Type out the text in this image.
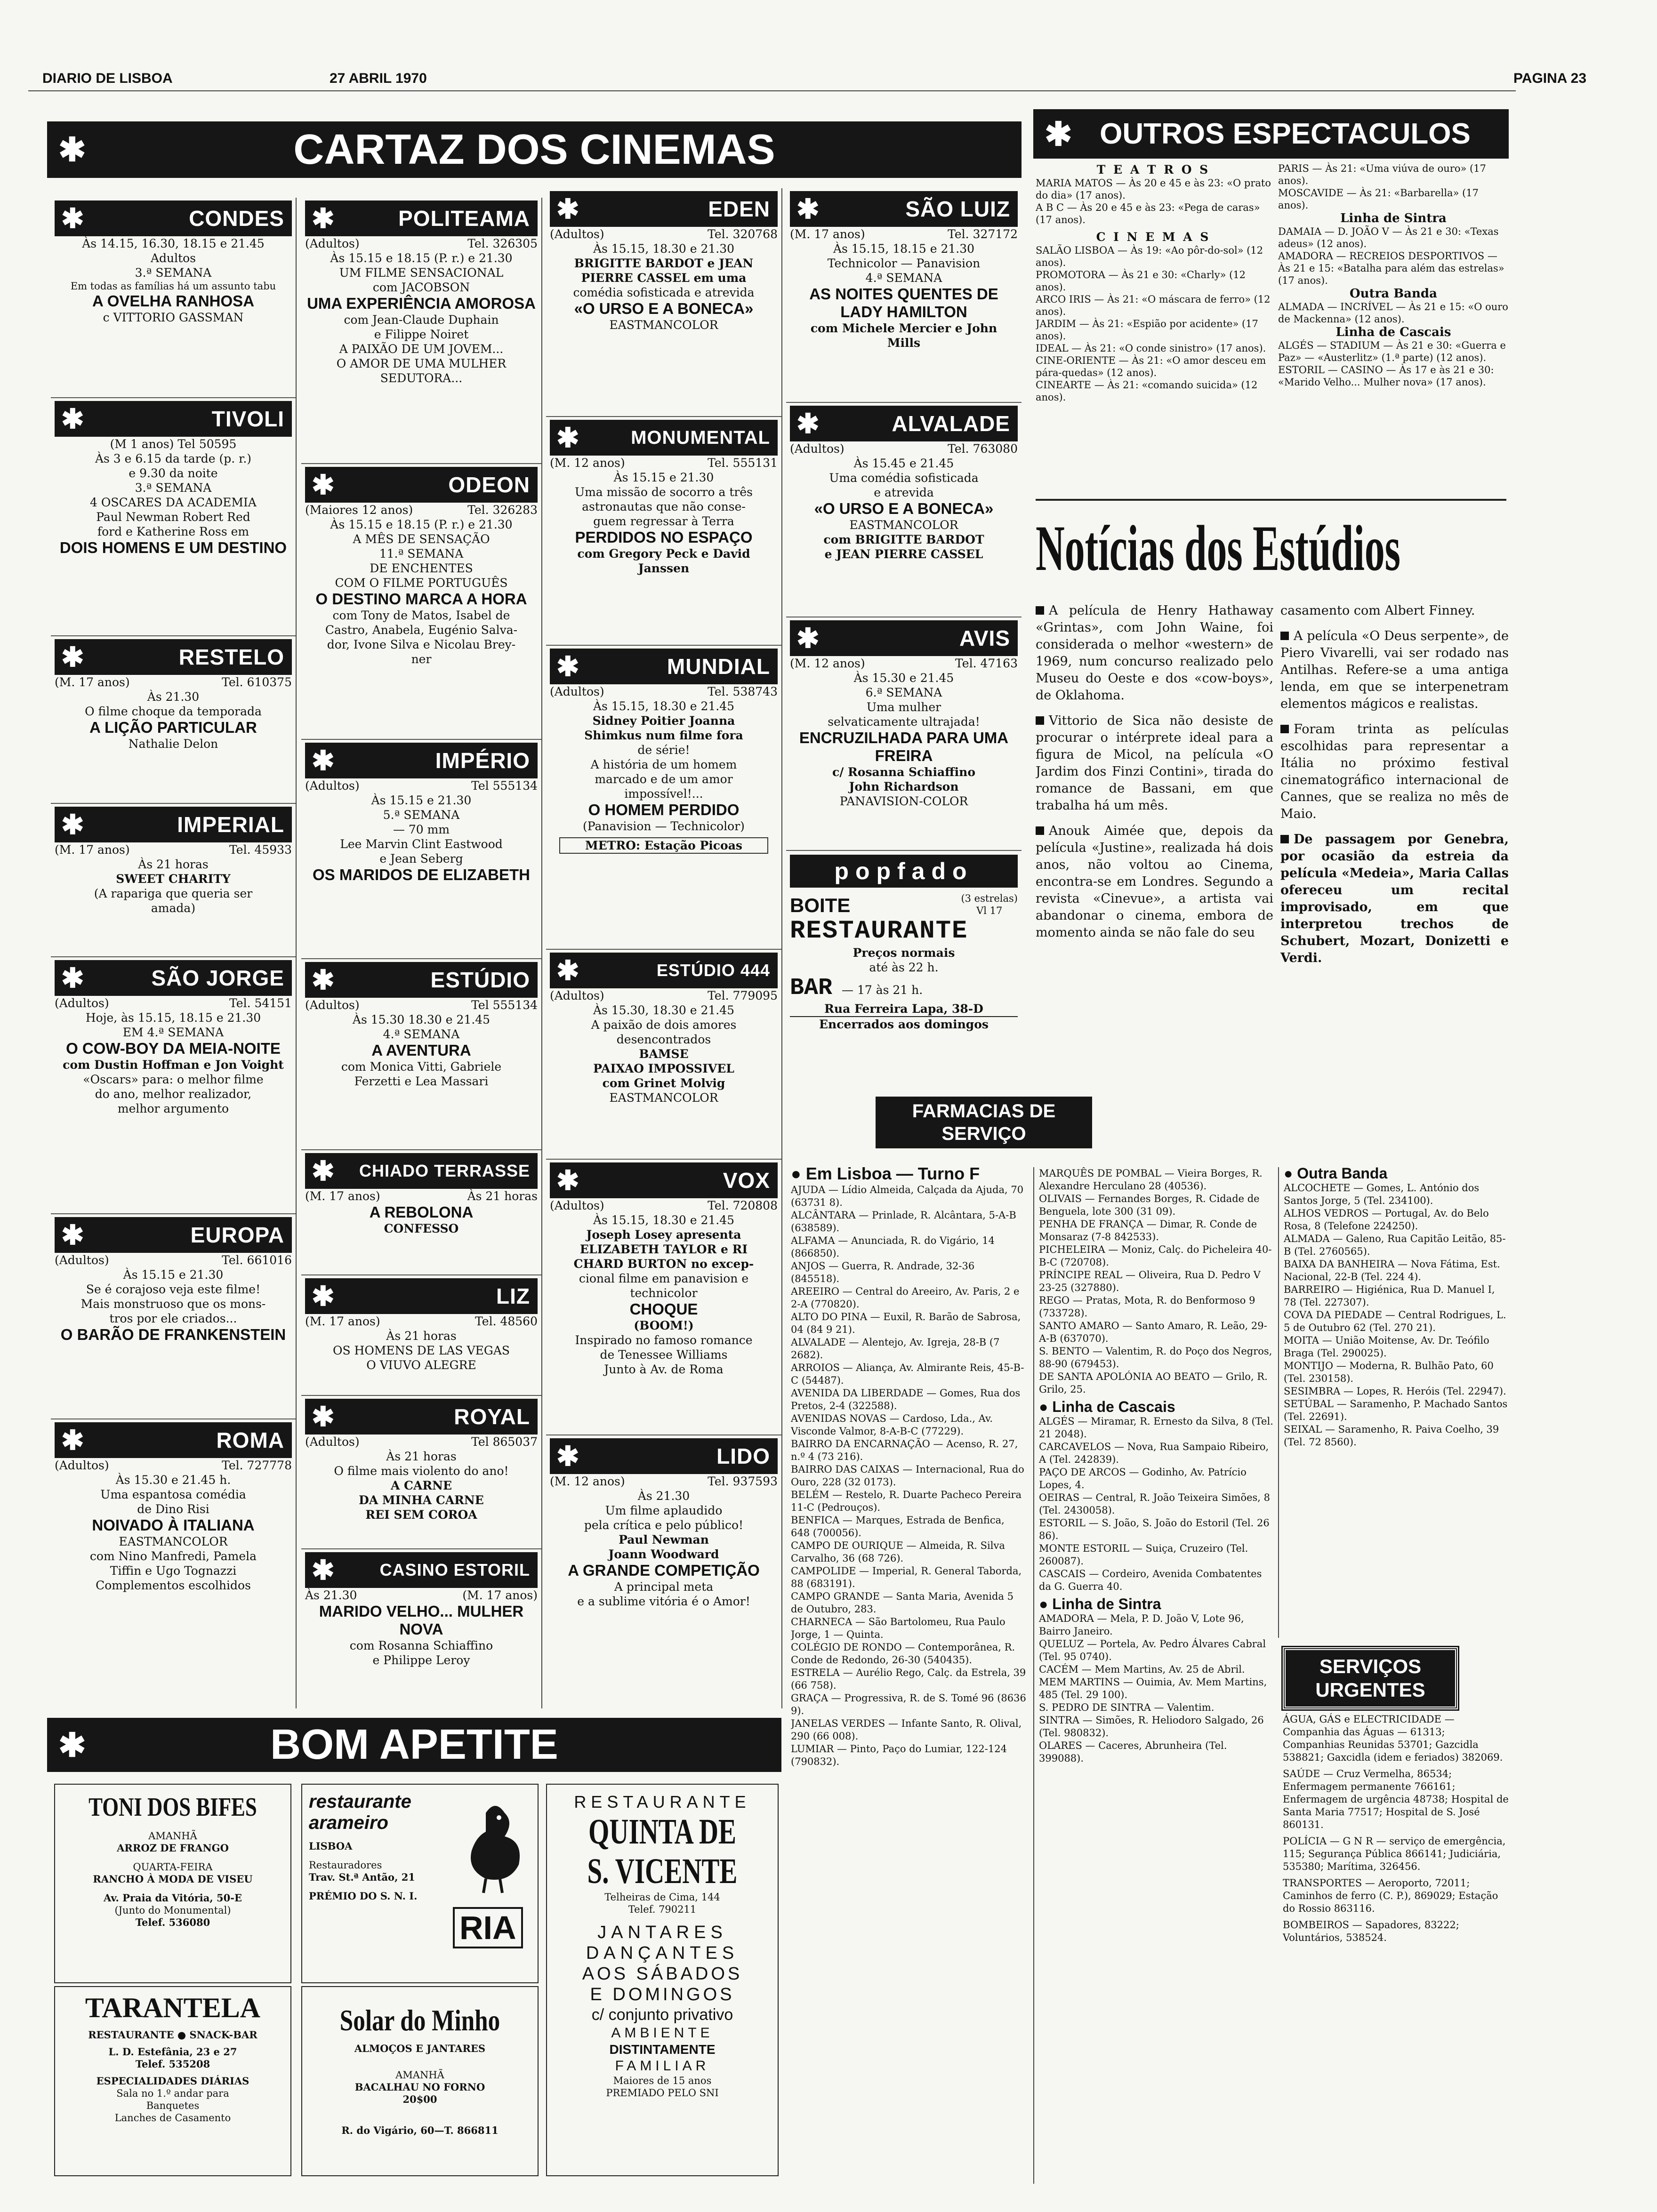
DIARIO DE LISBOA	27 ABRIL 1970	PAGINA 23
✱	CARTAZ DOS CINEMAS	✱ OUTROS ESPECTACULOS
✱	CONDES
Às 14.15, 16.30, 18.15 e 21.45
Adultos
3.ª SEMANA
Em todas as famílias há um assunto tabu
A OVELHA RANHOSA
c VITTORIO GASSMAN
✱	TIVOLI
(M 1 anos) Tel 50595
Às 3 e 6.15 da tarde (p. r.)
e 9.30 da noite
3.ª SEMANA
4 OSCARES DA ACADEMIA
Paul Newman Robert Red
ford e Katherine Ross em
DOIS HOMENS E UM DESTINO
✱	RESTELO
(M. 17 anos)	Tel. 610375
Às 21.30
O filme choque da temporada
A LIÇÃO PARTICULAR
Nathalie Delon
✱	IMPERIAL
(M. 17 anos)	Tel. 45933
Às 21 horas
SWEET CHARITY
(A rapariga que queria ser
amada)
✱	SÃO JORGE
(Adultos)	Tel. 54151
Hoje, às 15.15, 18.15 e 21.30
EM 4.ª SEMANA
O COW-BOY DA MEIA-NOITE
com Dustin Hoffman e Jon Voight
«Oscars» para: o melhor filme
do ano, melhor realizador,
melhor argumento
✱	EUROPA
(Adultos)	Tel. 661016
Às 15.15 e 21.30
Se é corajoso veja este filme!
Mais monstruoso que os mons-
tros por ele criados...
O BARÃO DE FRANKENSTEIN
✱	ROMA
(Adultos)	Tel. 727778
Às 15.30 e 21.45 h.
Uma espantosa comédia
de Dino Risi
NOIVADO À ITALIANA
EASTMANCOLOR
com Nino Manfredi, Pamela
Tiffin e Ugo Tognazzi
Complementos escolhidos
✱	POLITEAMA
(Adultos)	Tel. 326305
Às 15.15 e 18.15 (P. r.) e 21.30
UM FILME SENSACIONAL
com JACOBSON
UMA EXPERIÊNCIA AMOROSA
com Jean-Claude Duphain
e Filippe Noiret
A PAIXÃO DE UM JOVEM...
O AMOR DE UMA MULHER
SEDUTORA...
✱	ODEON
(Maiores 12 anos)	Tel. 326283
Às 15.15 e 18.15 (P. r.) e 21.30
A MÊS DE SENSAÇÃO
11.ª SEMANA
DE ENCHENTES
COM O FILME PORTUGUÊS
O DESTINO MARCA A HORA
com Tony de Matos, Isabel de
Castro, Anabela, Eugénio Salva-
dor, Ivone Silva e Nicolau Brey-
ner
✱	IMPÉRIO
(Adultos)	Tel 555134
Às 15.15 e 21.30
5.ª SEMANA
— 70 mm
Lee Marvin Clint Eastwood
e Jean Seberg
OS MARIDOS DE ELIZABETH
✱	ESTÚDIO
(Adultos)	Tel 555134
Às 15.30 18.30 e 21.45
4.ª SEMANA
A AVENTURA
com Monica Vitti, Gabriele
Ferzetti e Lea Massari
✱ CHIADO TERRASSE
(M. 17 anos)	Às 21 horas
A REBOLONA
CONFESSO
✱	LIZ
(M. 17 anos)	Tel. 48560
Às 21 horas
OS HOMENS DE LAS VEGAS
O VIUVO ALEGRE
✱	ROYAL
(Adultos)	Tel 865037
Às 21 horas
O filme mais violento do ano!
A CARNE
DA MINHA CARNE
REI SEM COROA
✱	CASINO ESTORIL
Às 21.30	(M. 17 anos)
MARIDO VELHO... MULHER NOVA
com Rosanna Schiaffino
e Philippe Leroy
✱	EDEN
(Adultos)	Tel. 320768
Às 15.15, 18.30 e 21.30
BRIGITTE BARDOT e JEAN
PIERRE CASSEL em uma
comédia sofisticada e atrevida
«O URSO E A BONECA»
EASTMANCOLOR
✱	MONUMENTAL
(M. 12 anos)	Tel. 555131
Às 15.15 e 21.30
Uma missão de socorro a três
astronautas que não conse-
guem regressar à Terra
PERDIDOS NO ESPAÇO
com Gregory Peck e David
Janssen
✱	MUNDIAL
(Adultos)	Tel. 538743
Às 15.15, 18.30 e 21.45
Sidney Poitier Joanna
Shimkus num filme fora
de série!
A história de um homem
marcado e de um amor
impossível!...
O HOMEM PERDIDO
(Panavision — Technicolor)
METRO: Estação Picoas
✱	ESTÚDIO 444
(Adultos)	Tel. 779095
Às 15.30, 18.30 e 21.45
A paixão de dois amores
desencontrados
BAMSE
PAIXAO IMPOSSIVEL
com Grinet Molvig
EASTMANCOLOR
✱	VOX
(Adultos)	Tel. 720808
Às 15.15, 18.30 e 21.45
Joseph Losey apresenta
ELIZABETH TAYLOR e RI
CHARD BURTON no excep-
cional filme em panavision e
technicolor
CHOQUE
(BOOM!)
Inspirado no famoso romance
de Tenessee Williams
Junto à Av. de Roma
✱	LIDO
(M. 12 anos)	Tel. 937593
Às 21.30
Um filme aplaudido
pela crítica e pelo público!
Paul Newman
Joann Woodward
A GRANDE COMPETIÇÃO
A principal meta
e a sublime vitória é o Amor!
✱	SÃO LUIZ
(M. 17 anos)	Tel. 327172
Às 15.15, 18.15 e 21.30
Technicolor — Panavision
4.ª SEMANA
AS NOITES QUENTES DE LADY HAMILTON
com Michele Mercier e John
Mills
✱	ALVALADE
(Adultos)	Tel. 763080
Às 15.45 e 21.45
Uma comédia sofisticada
e atrevida
«O URSO E A BONECA»
EASTMANCOLOR
com BRIGITTE BARDOT
e JEAN PIERRE CASSEL
✱	AVIS
(M. 12 anos)	Tel. 47163
Às 15.30 e 21.45
6.ª SEMANA
Uma mulher
selvaticamente ultrajada!
ENCRUZILHADA PARA UMA FREIRA
c/ Rosanna Schiaffino
John Richardson
PANAVISION-COLOR
popfado
BOITE	(3 estrelas)
Vl 17
RESTAURANTE
Preços normais
até às 22 h.
BAR — 17 às 21 h.
Rua Ferreira Lapa, 38-D
Encerrados aos domingos
T E A T R O S
MARIA MATOS — Às 20 e 45 e às 23: «O prato do dia» (17 anos).
A B C — Às 20 e 45 e às 23: «Pega de caras» (17 anos).
C I N E M A S
SALÃO LISBOA — Às 19: «Ao pôr-do-sol» (12 anos).
PROMOTORA — Às 21 e 30: «Charly» (12 anos).
ARCO IRIS — Às 21: «O máscara de ferro» (12 anos).
JARDIM — Às 21: «Espião por acidente» (17 anos).
IDEAL — Às 21: «O conde sinistro» (17 anos).
CINE-ORIENTE — Às 21: «O amor desceu em pára-quedas» (12 anos).
CINEARTE — Às 21: «comando suicida» (12 anos).
PARIS — Às 21: «Uma viúva de ouro» (17 anos).
MOSCAVIDE — Às 21: «Barbarella» (17 anos).
Linha de Sintra
DAMAIA — D. JOÃO V — Às 21 e 30: «Texas adeus» (12 anos).
AMADORA — RECREIOS DESPORTIVOS — Às 21 e 15: «Batalha para além das estrelas» (17 anos).
Outra Banda
ALMADA — INCRÍVEL — Às 21 e 15: «O ouro de Mackenna» (12 anos).
Linha de Cascais
ALGÉS — STADIUM — Às 21 e 30: «Guerra e Paz» — «Austerlitz» (1.ª parte) (12 anos).
ESTORIL — CASINO — Às 17 e às 21 e 30: «Marido Velho... Mulher nova» (17 anos).
Notícias dos Estúdios

A película de Henry Hathaway «Grintas», com John Waine, foi considerada o melhor «western» de 1969, num concurso realizado pelo Museu do Oeste e dos «cow-boys», de Oklahoma.

Vittorio de Sica não desiste de procurar o intérprete ideal para a figura de Micol, na película «O Jardim dos Finzi Contini», tirada do romance de Bassani, em que trabalha há um mês.

Anouk Aimée que, depois da película «Justine», realizada há dois anos, não voltou ao Cinema, encontra-se em Londres. Segundo a revista «Cinevue», a artista vai abandonar o cinema, embora de momento ainda se não fale do seu

casamento com Albert Finney.

A película «O Deus serpente», de Piero Vivarelli, vai ser rodado nas Antilhas. Refere-se a uma antiga lenda, em que se interpenetram elementos mágicos e realistas.

Foram trinta as películas escolhidas para representar a Itália no próximo festival cinematográfico internacional de Cannes, que se realiza no mês de Maio.

De passagem por Genebra, por ocasião da estreia da película «Medeia», Maria Callas ofereceu um recital improvisado, em que interpretou trechos de Schubert, Mozart, Donizetti e Verdi.

FARMACIAS DE SERVIÇO
● Em Lisboa — Turno F
AJUDA — Lídio Almeida, Calçada da Ajuda, 70 (63731 8).
ALCÂNTARA — Prinlade, R. Alcântara, 5-A-B (638589).
ALFAMA — Anunciada, R. do Vigário, 14 (866850).
ANJOS — Guerra, R. Andrade, 32-36 (845518).
AREEIRO — Central do Areeiro, Av. Paris, 2 e 2-A (770820).
ALTO DO PINA — Euxil, R. Barão de Sabrosa, 04 (84 9 21).
ALVALADE — Alentejo, Av. Igreja, 28-B (7 2682).
ARROIOS — Aliança, Av. Almirante Reis, 45-B-C (54487).
AVENIDA DA LIBERDADE — Gomes, Rua dos Pretos, 2-4 (322588).
AVENIDAS NOVAS — Cardoso, Lda., Av. Visconde Valmor, 8-A-B-C (77229).
BAIRRO DA ENCARNAÇÃO — Acenso, R. 27, n.º 4 (73 216).
BAIRRO DAS CAIXAS — Internacional, Rua do Ouro, 228 (32 0173).
BELÉM — Restelo, R. Duarte Pacheco Pereira 11-C (Pedrouços).
BENFICA — Marques, Estrada de Benfica, 648 (700056).
CAMPO DE OURIQUE — Almeida, R. Silva Carvalho, 36 (68 726).
CAMPOLIDE — Imperial, R. General Taborda, 88 (683191).
CAMPO GRANDE — Santa Maria, Avenida 5 de Outubro, 283.
CHARNECA — São Bartolomeu, Rua Paulo Jorge, 1 — Quinta.
COLÉGIO DE RONDO — Contemporânea, R. Conde de Redondo, 26-30 (540435).
ESTRELA — Aurélio Rego, Calç. da Estrela, 39 (66 758).
GRAÇA — Progressiva, R. de S. Tomé 96 (8636 9).
JANELAS VERDES — Infante Santo, R. Olival, 290 (66 008).
LUMIAR — Pinto, Paço do Lumiar, 122-124 (790832).
MARQUÊS DE POMBAL — Vieira Borges, R. Alexandre Herculano 28 (40536).
OLIVAIS — Fernandes Borges, R. Cidade de Benguela, lote 300 (31 09).
PENHA DE FRANÇA — Dimar, R. Conde de Monsaraz (7-8 842533).
PICHELEIRA — Moniz, Calç. do Picheleira 40-B-C (720708).
PRÍNCIPE REAL — Oliveira, Rua D. Pedro V 23-25 (327880).
REGO — Pratas, Mota, R. do Benformoso 9 (733728).
SANTO AMARO — Santo Amaro, R. Leão, 29-A-B (637070).
S. BENTO — Valentim, R. do Poço dos Negros, 88-90 (679453).
DE SANTA APOLÓNIA AO BEATO — Grilo, R. Grilo, 25.
● Linha de Cascais
ALGÉS — Miramar, R. Ernesto da Silva, 8 (Tel. 21 2048).
CARCAVELOS — Nova, Rua Sampaio Ribeiro, A (Tel. 242839).
PAÇO DE ARCOS — Godinho, Av. Patrício Lopes, 4.
OEIRAS — Central, R. João Teixeira Simões, 8 (Tel. 2430058).
ESTORIL — S. João, S. João do Estoril (Tel. 26 86).
MONTE ESTORIL — Suiça, Cruzeiro (Tel. 260087).
CASCAIS — Cordeiro, Avenida Combatentes da G. Guerra 40.
● Linha de Sintra
AMADORA — Mela, P. D. João V, Lote 96, Bairro Janeiro.
QUELUZ — Portela, Av. Pedro Álvares Cabral (Tel. 95 0740).
CACÉM — Mem Martins, Av. 25 de Abril.
MEM MARTINS — Ouimia, Av. Mem Martins, 485 (Tel. 29 100).
S. PEDRO DE SINTRA — Valentim.
SINTRA — Simões, R. Heliodoro Salgado, 26 (Tel. 980832).
OLARES — Caceres, Abrunheira (Tel. 399088).
● Outra Banda
ALCOCHETE — Gomes, L. António dos Santos Jorge, 5 (Tel. 234100).
ALHOS VEDROS — Portugal, Av. do Belo Rosa, 8 (Telefone 224250).
ALMADA — Galeno, Rua Capitão Leitão, 85-B (Tel. 2760565).
BAIXA DA BANHEIRA — Nova Fátima, Est. Nacional, 22-B (Tel. 224 4).
BARREIRO — Higiénica, Rua D. Manuel I, 78 (Tel. 227307).
COVA DA PIEDADE — Central Rodrigues, L. 5 de Outubro 62 (Tel. 270 21).
MOITA — União Moitense, Av. Dr. Teófilo Braga (Tel. 290025).
MONTIJO — Moderna, R. Bulhão Pato, 60 (Tel. 230158).
SESIMBRA — Lopes, R. Heróis (Tel. 22947).
SETÚBAL — Saramenho, P. Machado Santos (Tel. 22691).
SEIXAL — Saramenho, R. Paiva Coelho, 39 (Tel. 72 8560).
SERVIÇOS URGENTES
ÁGUA, GÁS e ELECTRICIDADE — Companhia das Águas — 61313; Companhias Reunidas 53701; Gazcidla 538821; Gaxcidla (idem e feriados) 382069.
SAÚDE — Cruz Vermelha, 86534; Enfermagem permanente 766161; Enfermagem de urgência 48738; Hospital de Santa Maria 77517; Hospital de S. José 860131.
POLÍCIA — G N R — serviço de emergência, 115; Segurança Pública 866141; Judiciária, 535380; Marítima, 326456.
TRANSPORTES — Aeroporto, 72011; Caminhos de ferro (C. P.), 869029; Estação do Rossio 863116.
BOMBEIROS — Sapadores, 83222; Voluntários, 538524.
✱	BOM APETITE
TONI DOS BIFES
AMANHÃ
ARROZ DE FRANGO
QUARTA-FEIRA
RANCHO À MODA DE VISEU
Av. Praia da Vitória, 50-E
(Junto do Monumental)
Telef. 536080
TARANTELA
RESTAURANTE ● SNACK-BAR
L. D. Estefânia, 23 e 27
Telef. 535208
ESPECIALIDADES DIÁRIAS
Sala no 1.º andar para
Banquetes
Lanches de Casamento
restaurante
arameiro
LISBOA
Restauradores
Trav. St.ª Antão, 21
PRÉMIO DO S. N. I.
RIA
Solar do Minho
ALMOÇOS E JANTARES
AMANHÃ
BACALHAU NO FORNO
20$00
R. do Vigário, 60—T. 866811
RESTAURANTE
QUINTA DE
S. VICENTE
Telheiras de Cima, 144
Telef. 790211
JANTARES
DANÇANTES
AOS SÁBADOS
E DOMINGOS
c/ conjunto privativo
AMBIENTE
DISTINTAMENTE
FAMILIAR
Maiores de 15 anos
PREMIADO PELO SNI
